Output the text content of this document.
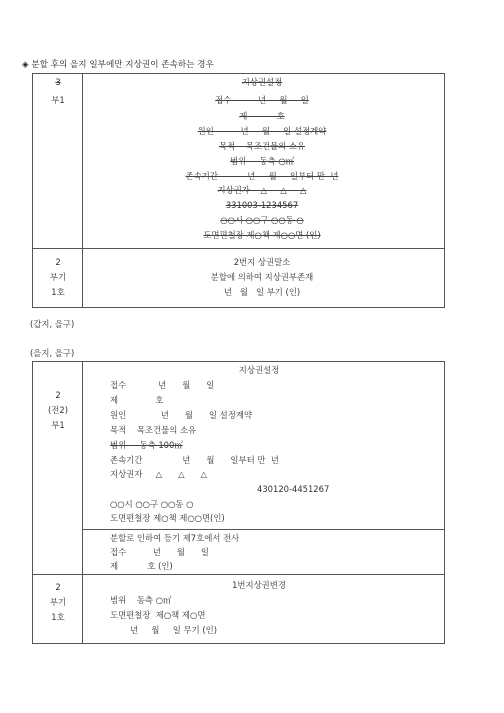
◈ 분할 후의 을지 일부에만 지상권이 존속하는 경우
3
부1
지상권설정
접수          년     월     일
제           호
원인          년     월     일 설정계약
목적    목조건물의 소유
범위     동측 ○㎡
존속기간           년     월     일부터 만  년
지상권자    △     △     △
331003-1234567
○○시 ○○구 ○○동 ○
도면편철장 제○책 제○○면 (인)
2
부기
1호
2번지 상권말소
분할에 의하여 지상권부존재
년   월   일 부기 (인)
(갑지, 을구)
(을지, 을구)
2
(전2)
부1
지상권설정
접수            년      월      일
제              호
원인             년      월      일 설정계약
목적    목조건물의 소유
범위     동측 100㎡
존속기간               년      월      일부터 만  년
지상권자     △      △      △
430120-4451267
○○시 ○○구 ○○동 ○
도면편철장 제○책 제○○면(인)
분할로 인하여 등기 제7호에서 전사
접수          년      월      일
제           호 (인)
2
부기
1호
1번지상권변경
범위    동측 ○㎡
도면편철장  제○책 제○면
년     월     일 무기 (인)
